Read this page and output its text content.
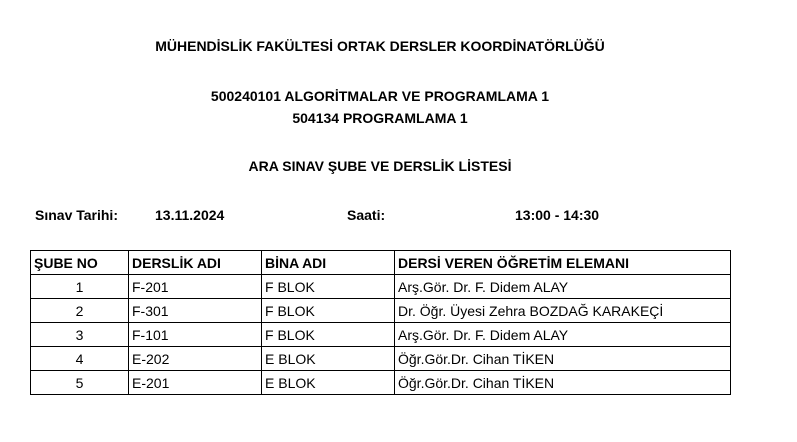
MÜHENDİSLİK FAKÜLTESİ ORTAK DERSLER KOORDİNATÖRLÜĞÜ
500240101 ALGORİTMALAR VE PROGRAMLAMA 1
504134 PROGRAMLAMA 1
ARA SINAV ŞUBE VE DERSLİK LİSTESİ
Sınav Tarihi:	13.11.2024	Saati:	13:00 - 14:30
ŞUBE NO	DERSLİK ADI	BİNA ADI	DERSİ VEREN ÖĞRETİM ELEMANI
1	F-201	F BLOK	Arş.Gör. Dr. F. Didem ALAY
2	F-301	F BLOK	Dr. Öğr. Üyesi Zehra BOZDAĞ KARAKEÇİ
3	F-101	F BLOK	Arş.Gör. Dr. F. Didem ALAY
4	E-202	E BLOK	Öğr.Gör.Dr. Cihan TİKEN
5	E-201	E BLOK	Öğr.Gör.Dr. Cihan TİKEN
